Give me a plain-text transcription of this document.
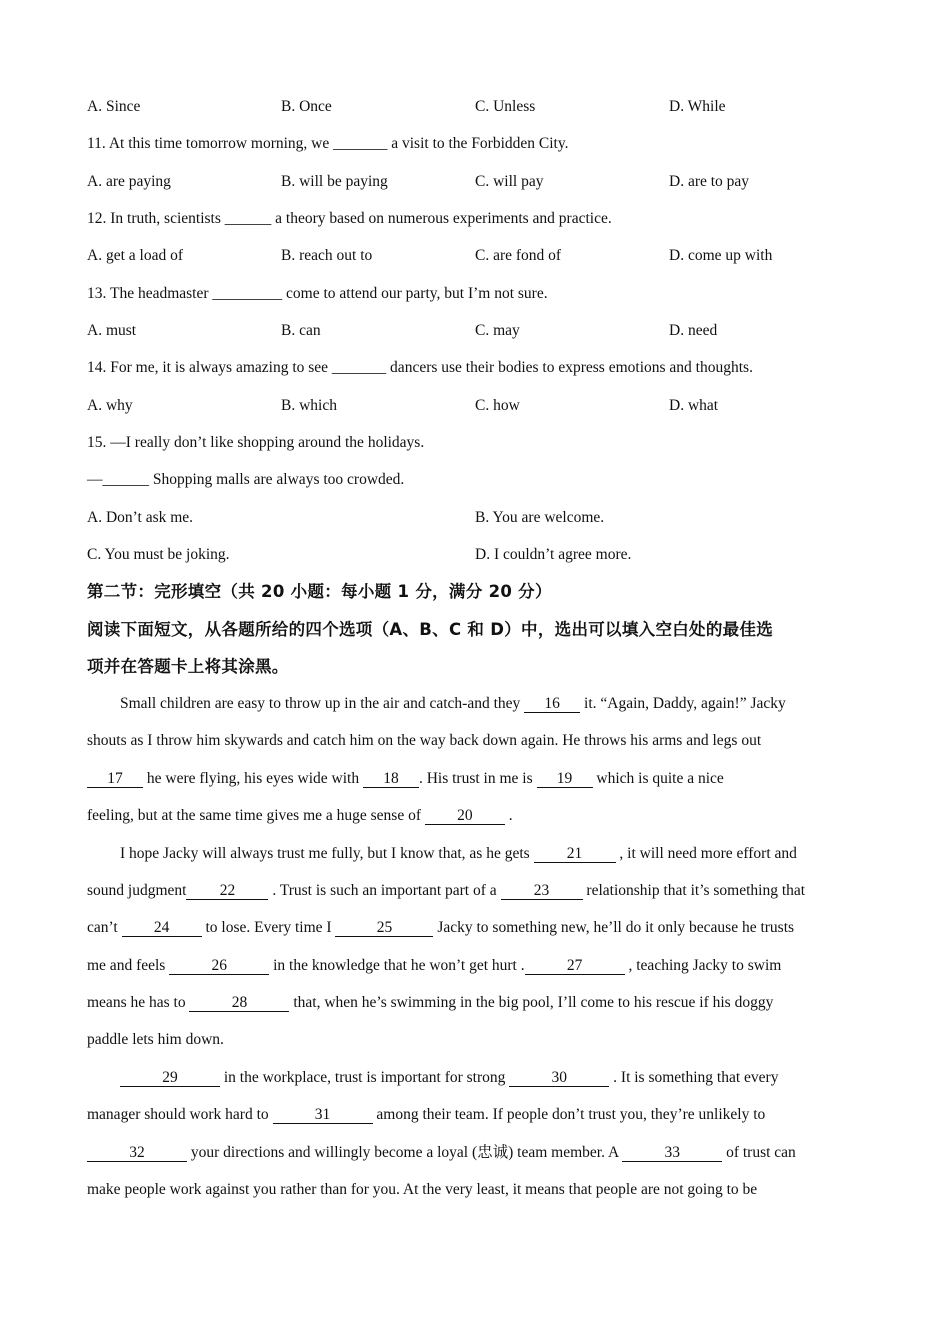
A. Since	B. Once	C. Unless	D. While
11. At this time tomorrow morning, we _______ a visit to the Forbidden City.
A. are paying	B. will be paying	C. will pay	D. are to pay
12. In truth, scientists ______ a theory based on numerous experiments and practice.
A. get a load of	B. reach out to	C. are fond of	D. come up with
13. The headmaster _________ come to attend our party, but I’m not sure.
A. must	B. can	C. may	D. need
14. For me, it is always amazing to see _______ dancers use their bodies to express emotions and thoughts.
A. why	B. which	C. how	D. what
15. —I really don’t like shopping around the holidays.
—______ Shopping malls are always too crowded.
A. Don’t ask me.	B. You are welcome.
C. You must be joking.	D. I couldn’t agree more.
第二节：完形填空（共 20 小题：每小题 1 分，满分 20 分）
阅读下面短文，从各题所给的四个选项（A、B、C 和 D）中，选出可以填入空白处的最佳选
项并在答题卡上将其涂黑。
Small children are easy to throw up in the air and catch-and they 16 it. “Again, Daddy, again!” Jacky
shouts as I throw him skywards and catch him on the way back down again. He throws his arms and legs out
17 he were flying, his eyes wide with 18 . His trust in me is 19 which is quite a nice
feeling, but at the same time gives me a huge sense of 20 .
I hope Jacky will always trust me fully, but I know that, as he gets 21 , it will need more effort and
sound judgment 22 . Trust is such an important part of a 23 relationship that it’s something that
can’t 24 to lose. Every time I	25	Jacky to something new, he’ll do it only because he trusts
me and feels	26	in the knowledge that he won’t get hurt .	27	, teaching Jacky to swim
means he has to	28	that, when he’s swimming in the big pool, I’ll come to his rescue if his doggy
paddle lets him down.
29	in the workplace, trust is important for strong	30	. It is something that every
manager should work hard to	31	among their team. If people don’t trust you, they’re unlikely to
32	your directions and willingly become a loyal (忠诚) team member. A	33	of trust can
make people work against you rather than for you. At the very least, it means that people are not going to be
